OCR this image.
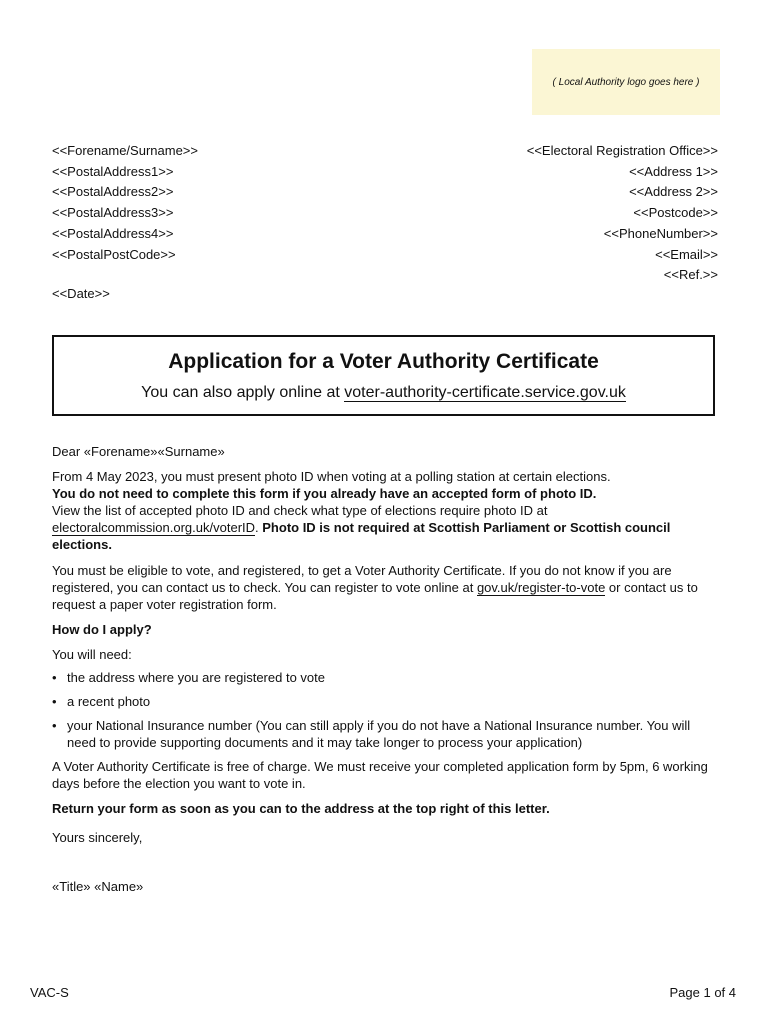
( Local Authority logo goes here )
<<Forename/Surname>>
<<PostalAddress1>>
<<PostalAddress2>>
<<PostalAddress3>>
<<PostalAddress4>>
<<PostalPostCode>>
<<Electoral Registration Office>>
<<Address 1>>
<<Address 2>>
<<Postcode>>
<<PhoneNumber>>
<<Email>>
<<Ref.>>
<<Date>>
Application for a Voter Authority Certificate
You can also apply online at voter-authority-certificate.service.gov.uk

Dear «Forename»«Surname»

From 4 May 2023, you must present photo ID when voting at a polling station at certain elections.
You do not need to complete this form if you already have an accepted form of photo ID.
View the list of accepted photo ID and check what type of elections require photo ID at
electoralcommission.org.uk/voterID. Photo ID is not required at Scottish Parliament or Scottish council elections.

You must be eligible to vote, and registered, to get a Voter Authority Certificate. If you do not know if you are registered, you can contact us to check. You can register to vote online at gov.uk/register-to-vote or contact us to request a paper voter registration form.

How do I apply?

You will need:

• the address where you are registered to vote
• a recent photo
• your National Insurance number (You can still apply if you do not have a National Insurance number. You will need to provide supporting documents and it may take longer to process your application)

A Voter Authority Certificate is free of charge. We must receive your completed application form by 5pm, 6 working days before the election you want to vote in.

Return your form as soon as you can to the address at the top right of this letter.

Yours sincerely,

«Title» «Name»

VAC-S	Page 1 of 4
